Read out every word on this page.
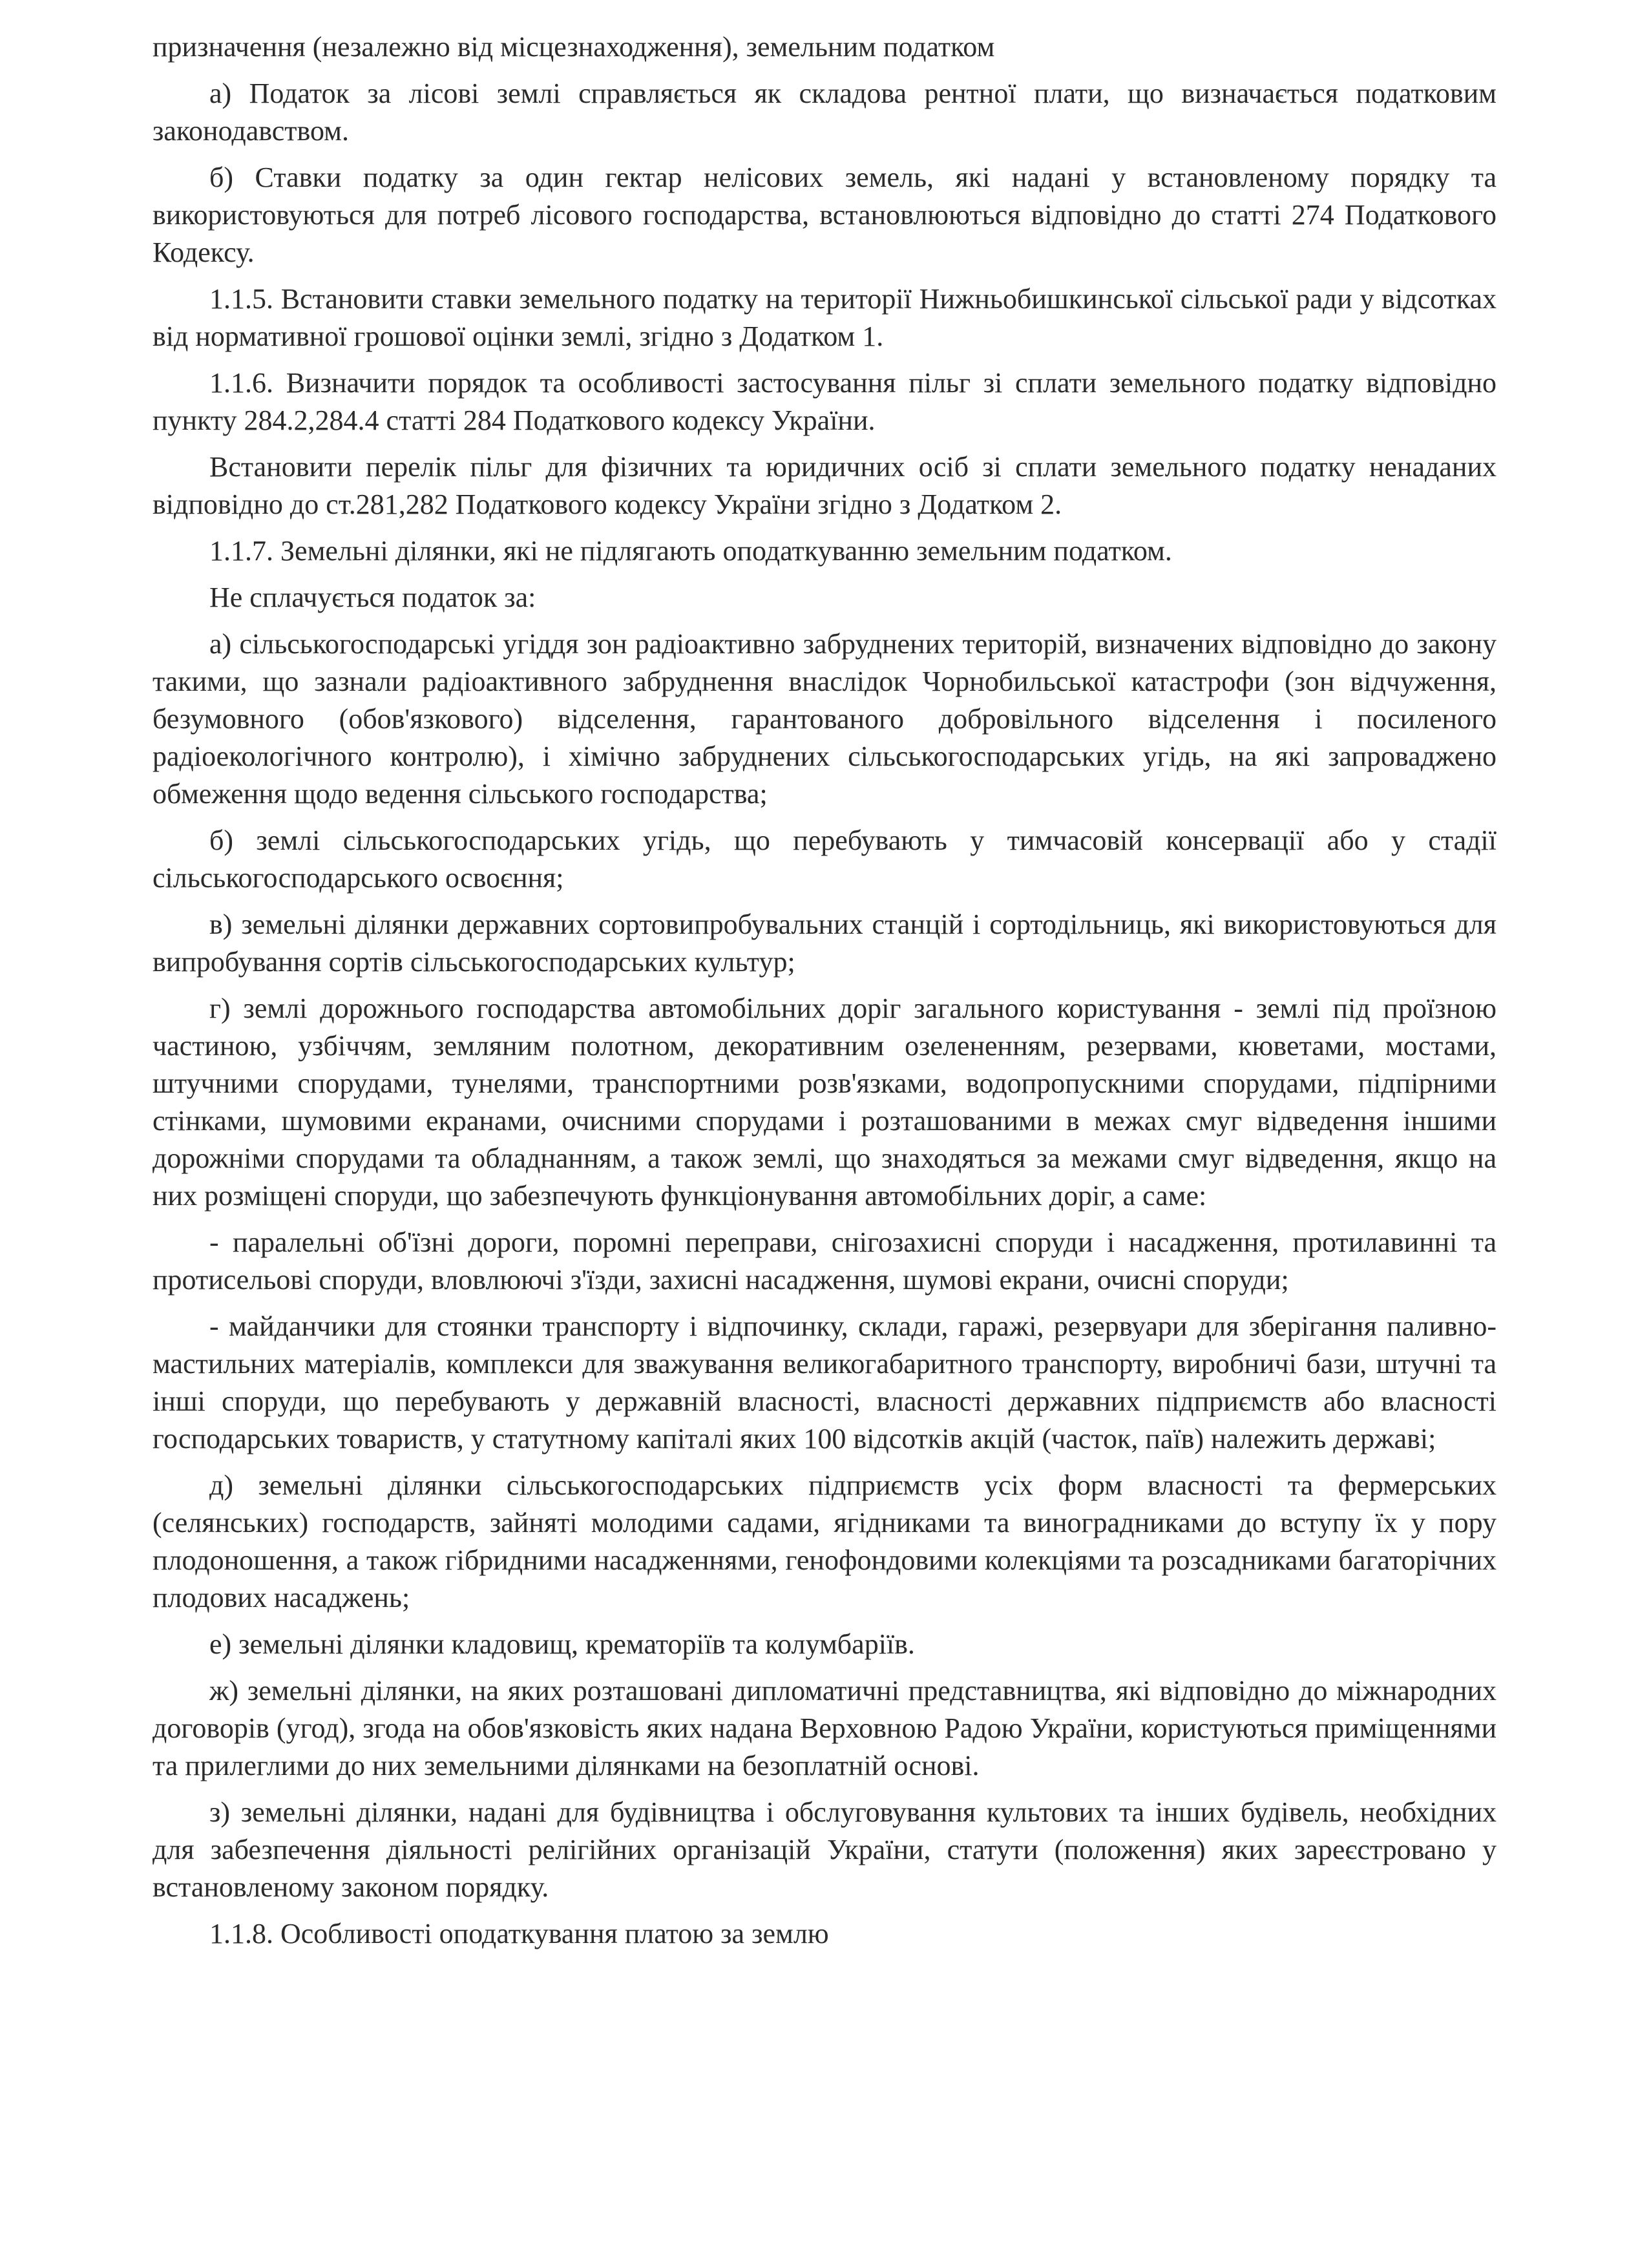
призначення (незалежно від місцезнаходження), земельним податком

а) Податок за лісові землі справляється як складова рентної плати, що визначається податковим законодавством.

б) Ставки податку за один гектар нелісових земель, які надані у встановленому порядку та використовуються для потреб лісового господарства, встановлюються відповідно до статті 274 Податкового Кодексу.

1.1.5. Встановити ставки земельного податку на території Нижньобишкинської сільської ради у відсотках від нормативної грошової оцінки землі, згідно з Додатком 1.

1.1.6. Визначити порядок та особливості застосування пільг зі сплати земельного податку відповідно пункту 284.2,284.4 статті 284 Податкового кодексу України.

Встановити перелік пільг для фізичних та юридичних осіб зі сплати земельного податку ненаданих відповідно до ст.281,282 Податкового кодексу України згідно з Додатком 2.

1.1.7. Земельні ділянки, які не підлягають оподаткуванню земельним податком.

Не сплачується податок за:

а) сільськогосподарські угіддя зон радіоактивно забруднених територій, визначених відповідно до закону такими, що зазнали радіоактивного забруднення внаслідок Чорнобильської катастрофи (зон відчуження, безумовного (обов'язкового) відселення, гарантованого добровільного відселення і посиленого радіоекологічного контролю), і хімічно забруднених сільськогосподарських угідь, на які запроваджено обмеження щодо ведення сільського господарства;

б) землі сільськогосподарських угідь, що перебувають у тимчасовій консервації або у стадії сільськогосподарського освоєння;

в) земельні ділянки державних сортовипробувальних станцій і сортодільниць, які використовуються для випробування сортів сільськогосподарських культур;

г) землі дорожнього господарства автомобільних доріг загального користування - землі під проїзною частиною, узбіччям, земляним полотном, декоративним озелененням, резервами, кюветами, мостами, штучними спорудами, тунелями, транспортними розв'язками, водопропускними спорудами, підпірними стінками, шумовими екранами, очисними спорудами і розташованими в межах смуг відведення іншими дорожніми спорудами та обладнанням, а також землі, що знаходяться за межами смуг відведення, якщо на них розміщені споруди, що забезпечують функціонування автомобільних доріг, а саме:

- паралельні об'їзні дороги, поромні переправи, снігозахисні споруди і насадження, протилавинні та протисельові споруди, вловлюючі з'їзди, захисні насадження, шумові екрани, очисні споруди;

- майданчики для стоянки транспорту і відпочинку, склади, гаражі, резервуари для зберігання паливно-мастильних матеріалів, комплекси для зважування великогабаритного транспорту, виробничі бази, штучні та інші споруди, що перебувають у державній власності, власності державних підприємств або власності господарських товариств, у статутному капіталі яких 100 відсотків акцій (часток, паїв) належить державі;

д) земельні ділянки сільськогосподарських підприємств усіх форм власності та фермерських (селянських) господарств, зайняті молодими садами, ягідниками та виноградниками до вступу їх у пору плодоношення, а також гібридними насадженнями, генофондовими колекціями та розсадниками багаторічних плодових насаджень;

е) земельні ділянки кладовищ, крематоріїв та колумбаріїв.

ж) земельні ділянки, на яких розташовані дипломатичні представництва, які відповідно до міжнародних договорів (угод), згода на обов'язковість яких надана Верховною Радою України, користуються приміщеннями та прилеглими до них земельними ділянками на безоплатній основі.

з) земельні ділянки, надані для будівництва і обслуговування культових та інших будівель, необхідних для забезпечення діяльності релігійних організацій України, статути (положення) яких зареєстровано у встановленому законом порядку.

1.1.8. Особливості оподаткування платою за землю
